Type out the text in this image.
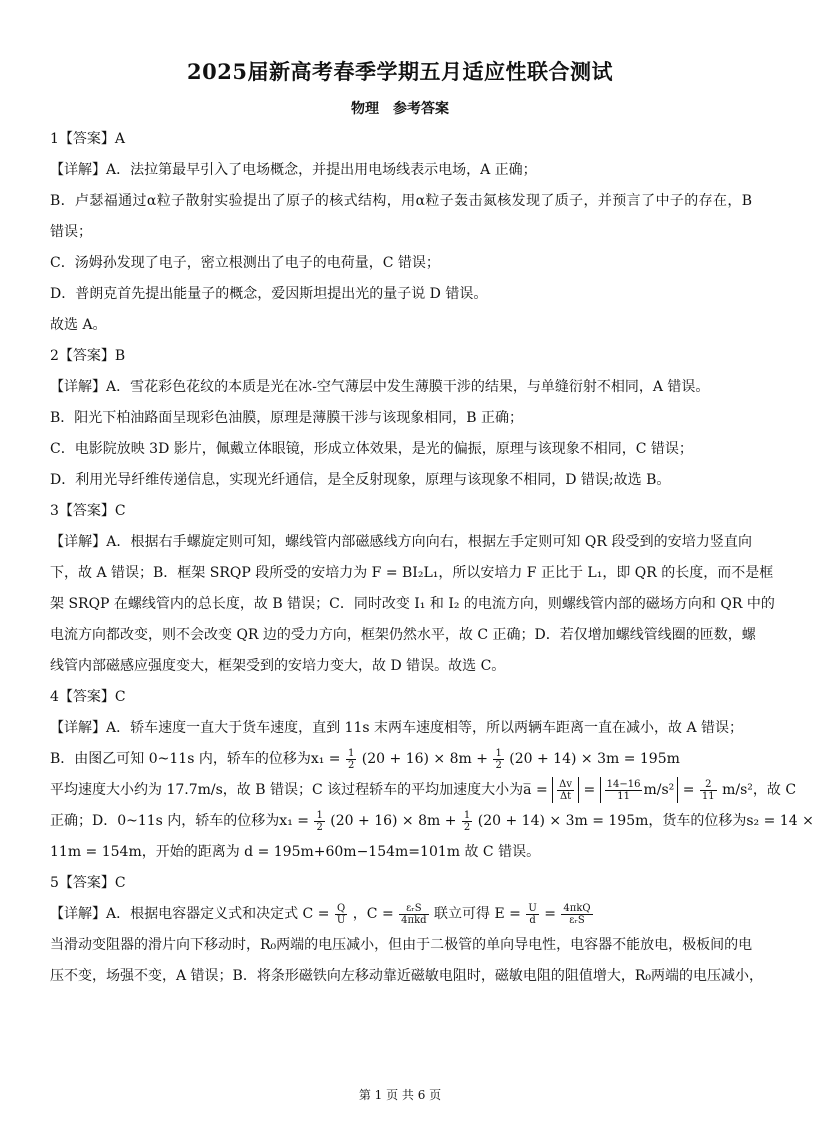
2025届新高考春季学期五月适应性联合测试
物理　参考答案
1【答案】A
【详解】A．法拉第最早引入了电场概念，并提出用电场线表示电场，A 正确；
B．卢瑟福通过α粒子散射实验提出了原子的核式结构，用α粒子轰击氮核发现了质子，并预言了中子的存在，B
错误；
C．汤姆孙发现了电子，密立根测出了电子的电荷量，C 错误；
D．普朗克首先提出能量子的概念，爱因斯坦提出光的量子说 D 错误。
故选 A。
2【答案】B
【详解】A．雪花彩色花纹的本质是光在冰-空气薄层中发生薄膜干涉的结果，与单缝衍射不相同，A 错误。
B．阳光下柏油路面呈现彩色油膜，原理是薄膜干涉与该现象相同，B 正确；
C．电影院放映 3D 影片，佩戴立体眼镜，形成立体效果，是光的偏振，原理与该现象不相同，C 错误；
D．利用光导纤维传递信息，实现光纤通信，是全反射现象，原理与该现象不相同，D 错误;故选 B。
3【答案】C
【详解】A．根据右手螺旋定则可知，螺线管内部磁感线方向向右，根据左手定则可知 QR 段受到的安培力竖直向
下，故 A 错误；B．框架 SRQP 段所受的安培力为 F = BI₂L₁，所以安培力 F 正比于 L₁，即 QR 的长度，而不是框
架 SRQP 在螺线管内的总长度，故 B 错误；C．同时改变 I₁ 和 I₂ 的电流方向，则螺线管内部的磁场方向和 QR 中的
电流方向都改变，则不会改变 QR 边的受力方向，框架仍然水平，故 C 正确；D．若仅增加螺线管线圈的匝数，螺
线管内部磁感应强度变大，框架受到的安培力变大，故 D 错误。故选 C。
4【答案】C
【详解】A．轿车速度一直大于货车速度，直到 11s 末两车速度相等，所以两辆车距离一直在减小，故 A 错误；
B．由图乙可知 0~11s 内，轿车的位移为$x_1 = \frac{1}{2} (20 + 16) \times 8m + \frac{1}{2} (20 + 14) \times 3m = 195m$
平均速度大小约为 17.7m/s，故 B 错误；C 该过程轿车的平均加速度大小为a̅ = $\frac{\Delta v}{\Delta t} = \frac{14-16}{11} m/s^2 = \frac{2}{11} m/s^2$，故 C
正确；D．0~11s 内，轿车的位移为$x_1 = \frac{1}{2} (20 + 16) \times 8m + \frac{1}{2} (20 + 14) \times 3m = 195m$，货车的位移为s₂ = 14 ×
11m = 154m，开始的距离为 d = 195m+60m−154m=101m 故 C 错误。
5【答案】C
【详解】A．根据电容器定义式和决定式 $C = \frac{Q}{U}$ ，$C = \frac{\text{εᵣS}}{\text{4πkd}}$ 联立可得 $E = \frac{U}{d} = \frac{\text{4πkQ}}{\text{εᵣS}}$
当滑动变阻器的滑片向下移动时，R₀两端的电压减小，但由于二极管的单向导电性，电容器不能放电，极板间的电
压不变，场强不变，A 错误；B．将条形磁铁向左移动靠近磁敏电阻时，磁敏电阻的阻值增大，R₀两端的电压减小，
第 1 页 共 6 页
